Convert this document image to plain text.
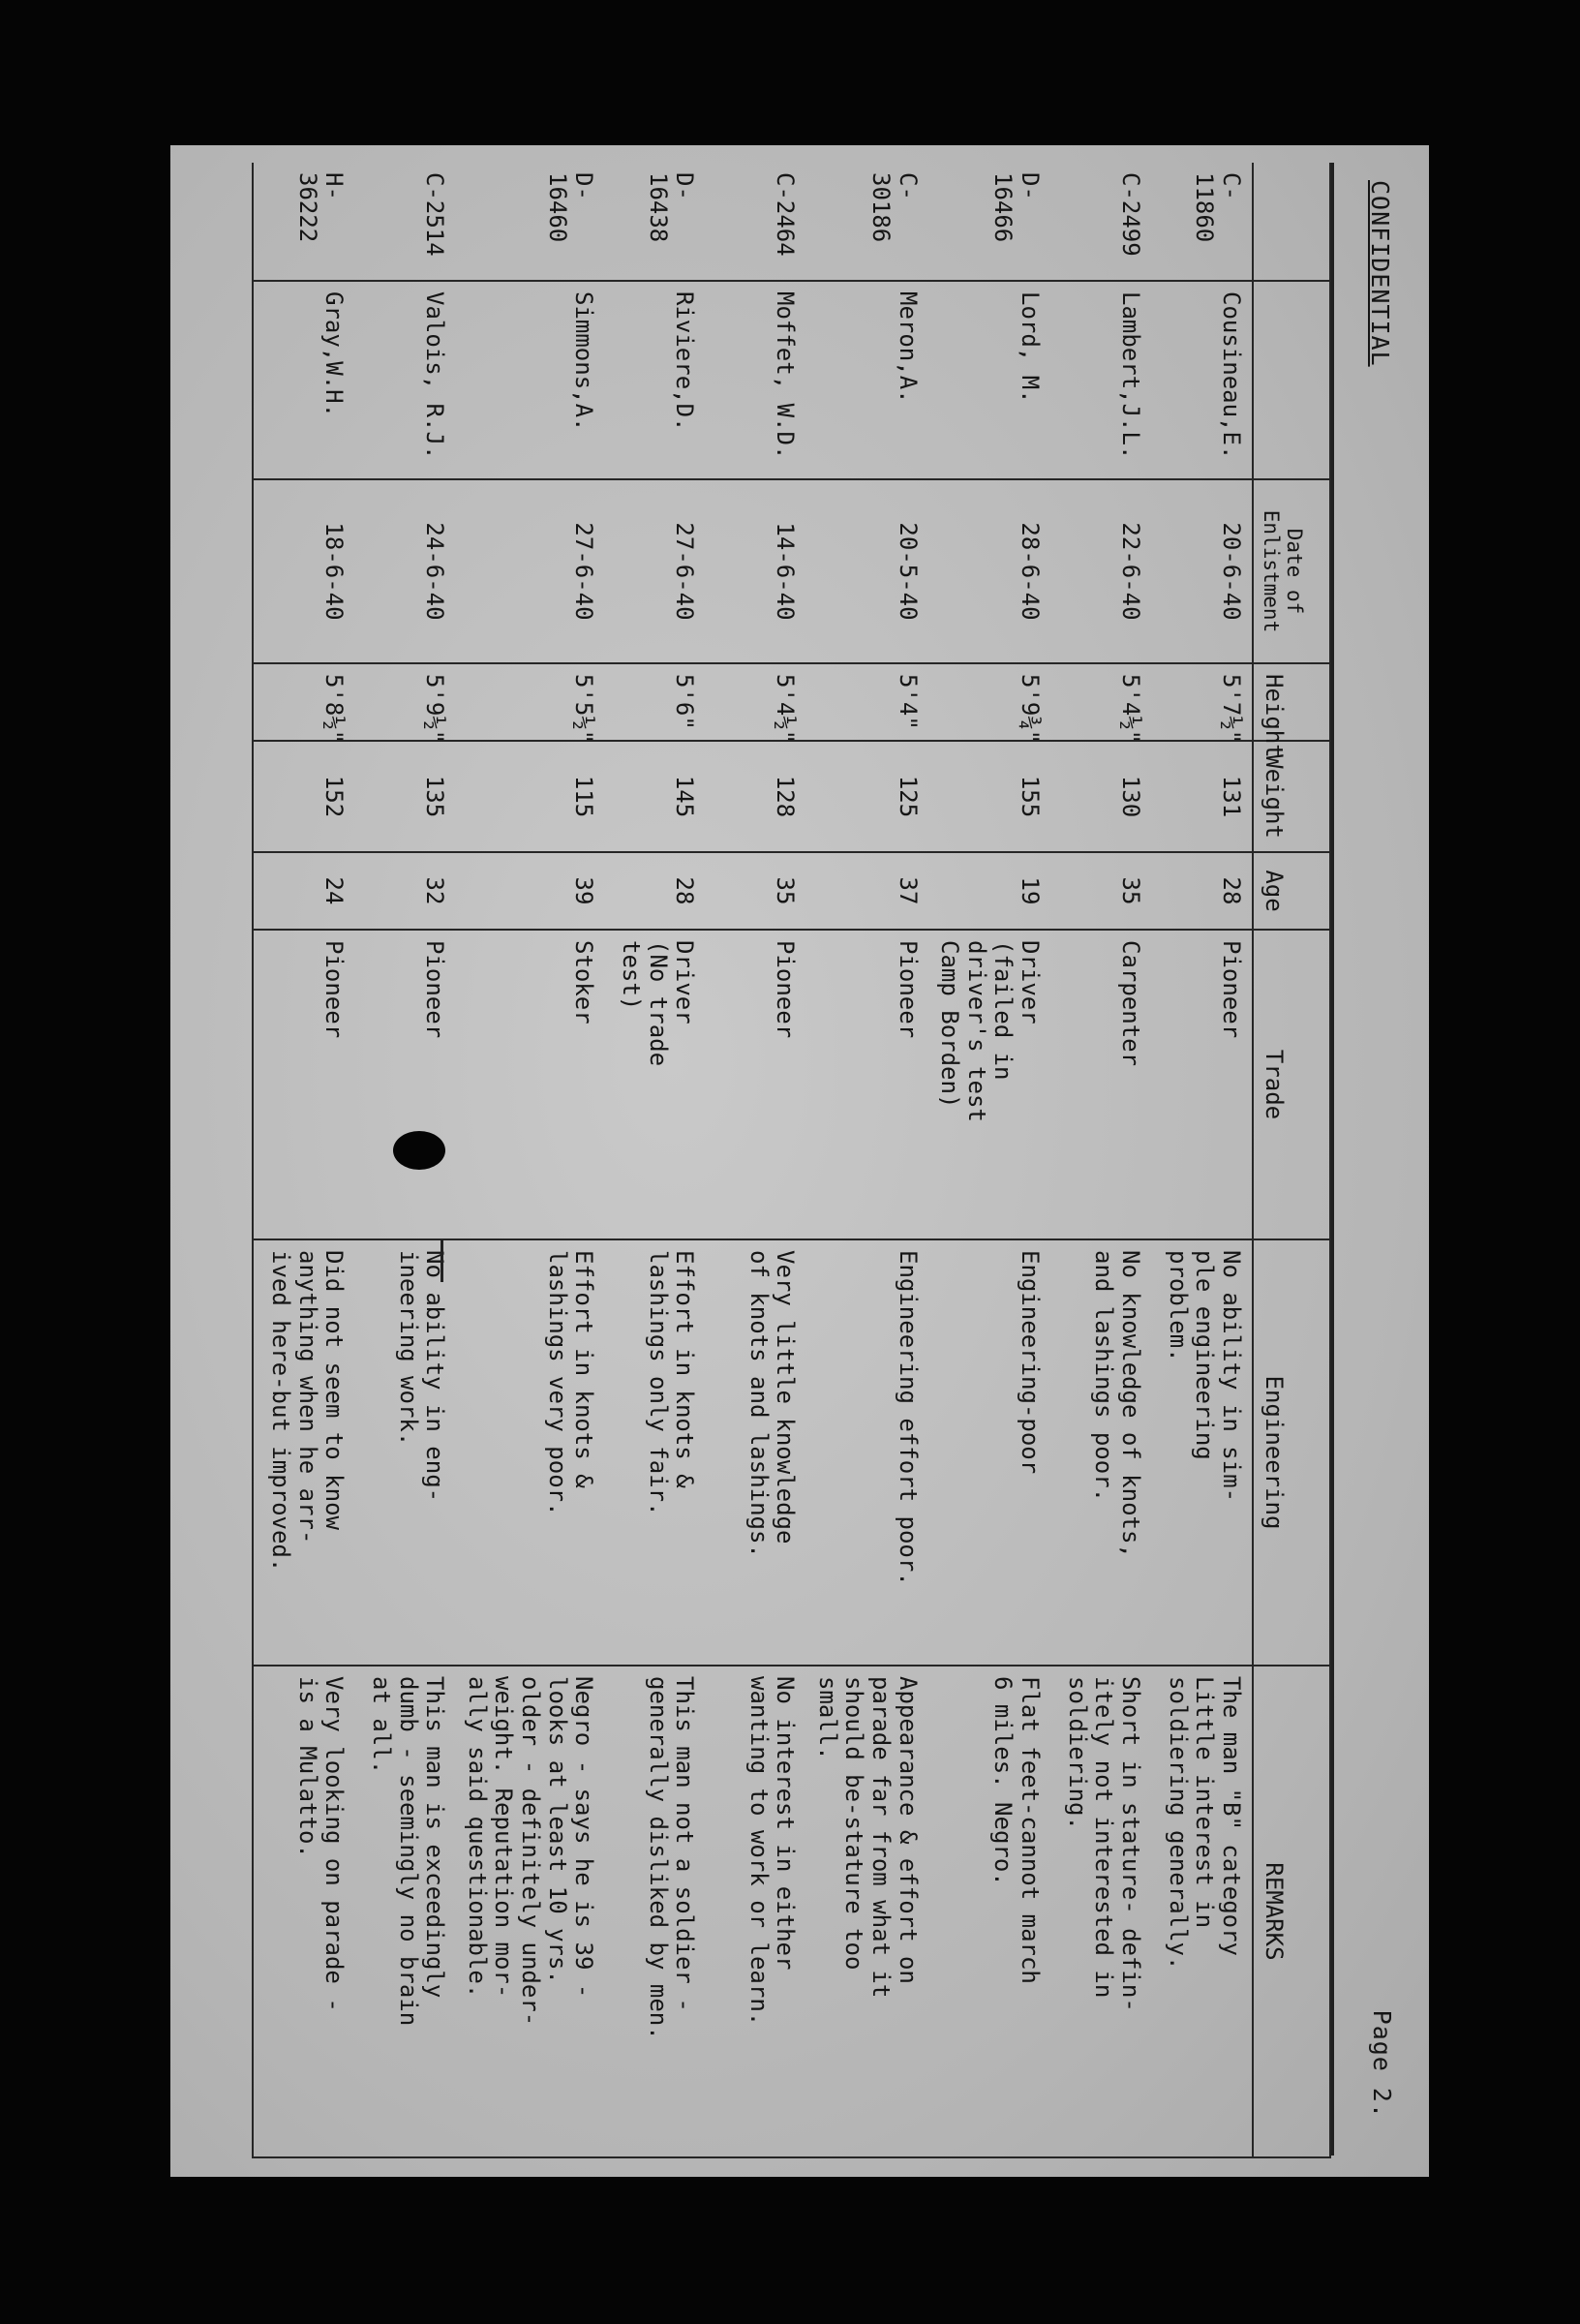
CONFIDENTIAL
Page 2.
		Date of
Enlistment	Height	Weight	Age	Trade	Engineering	REMARKS
C-11860	Cousineau,E.	20-6-40	5'7½"	131	28	Pioneer	No ability in sim-
ple engineering
problem.	The man "B" category
Little interest in
soldiering generally.
C-2499	Lambert,J.L.	22-6-40	5'4½"	130	35	Carpenter	No knowledge of knots,
and lashings poor.	Short in stature- defin-
itely not interested in
soldiering.
D-16466	Lord, M.	28-6-40	5'9¾"	155	19	Driver
(failed in
driver's test
Camp Borden)	Engineering-poor	Flat feet-cannot march
6 miles. Negro.
C-30186	Meron,A.	20-5-40	5'4"	125	37	Pioneer	Engineering effort poor.	Appearance & effort on
parade far from what it
should be-stature too
small.
C-2464	Moffet, W.D.	14-6-40	5'4½"	128	35	Pioneer	Very little knowledge
of knots and lashings.	No interest in either
wanting to work or learn.
D-16438	Riviere,D.	27-6-40	5'6"	145	28	Driver
(No trade
test)	Effort in knots &
lashings only fair.	This man not a soldier -
generally disliked by men.
D-16460	Simmons,A.	27-6-40	5'5½"	115	39	Stoker	Effort in knots &
lashings very poor.	Negro - says he is 39 -
looks at least 10 yrs.
older - definitely under-
weight. Reputation mor-
ally said questionable.
C-2514	Valois, R.J.	24-6-40	5'9½"	135	32	Pioneer	No ability in eng-
ineering work.	This man is exceedingly
dumb - seemingly no brain
at all.
H-36222	Gray,W.H.	18-6-40	5'8½"	152	24	Pioneer	Did not seem to know
anything when he arr-
ived here-but improved.	Very looking on parade -
is a Mulatto.
